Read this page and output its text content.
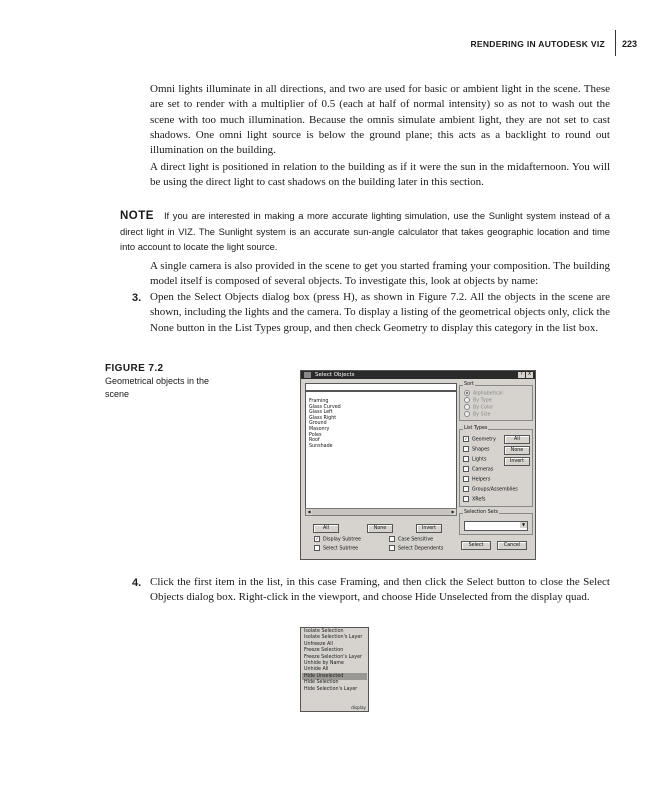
RENDERING IN AUTODESK VIZ 223

Omni lights illuminate in all directions, and two are used for basic or ambient light in the scene. These are set to render with a multiplier of 0.5 (each at half of normal intensity) so as not to wash out the scene with too much illumination. Because the omnis simulate ambient light, they are not set to cast shadows. One omni light source is below the ground plane; this acts as a backlight to round out illumination on the building.

A direct light is positioned in relation to the building as if it were the sun in the midafternoon. You will be using the direct light to cast shadows on the building later in this section.

NOTE If you are interested in making a more accurate lighting simulation, use the Sunlight system instead of a direct light in VIZ. The Sunlight system is an accurate sun-angle calculator that takes geographic location and time into account to locate the light source.

A single camera is also provided in the scene to get you started framing your composition. The building model itself is composed of several objects. To investigate this, look at objects by name:

3. Open the Select Objects dialog box (press H), as shown in Figure 7.2. All the objects in the scene are shown, including the lights and the camera. To display a listing of the geometrical objects only, click the None button in the List Types group, and then check Geometry to display this category in the list box.

FIGURE 7.2
Geometrical objects in the scene
Select Objects	?	X
Framing
Glass Curved
Glass Left
Glass Right
Ground
Masonry
Poles
Roof
Sunshade
◀	▶
Sort
Alphabetical
By Type
By Color
By Size
List Types
✓ Geometry
Shapes
Lights
Cameras
Helpers
Groups/Assemblies
XRefs
All
None
Invert
Selection Sets
▼
All	None	Invert
✓ Display Subtree
Select Subtree
Case Sensitive
Select Dependents
Select	Cancel
4. Click the first item in the list, in this case Framing, and then click the Select button to close the Select Objects dialog box. Right-click in the viewport, and choose Hide Unselected from the display quad.

Isolate Selection
Isolate Selection's Layer
Unfreeze All
Freeze Selection
Freeze Selection's Layer
Unhide by Name
Unhide All
Hide Unselected
Hide Selection
Hide Selection's Layer
display
